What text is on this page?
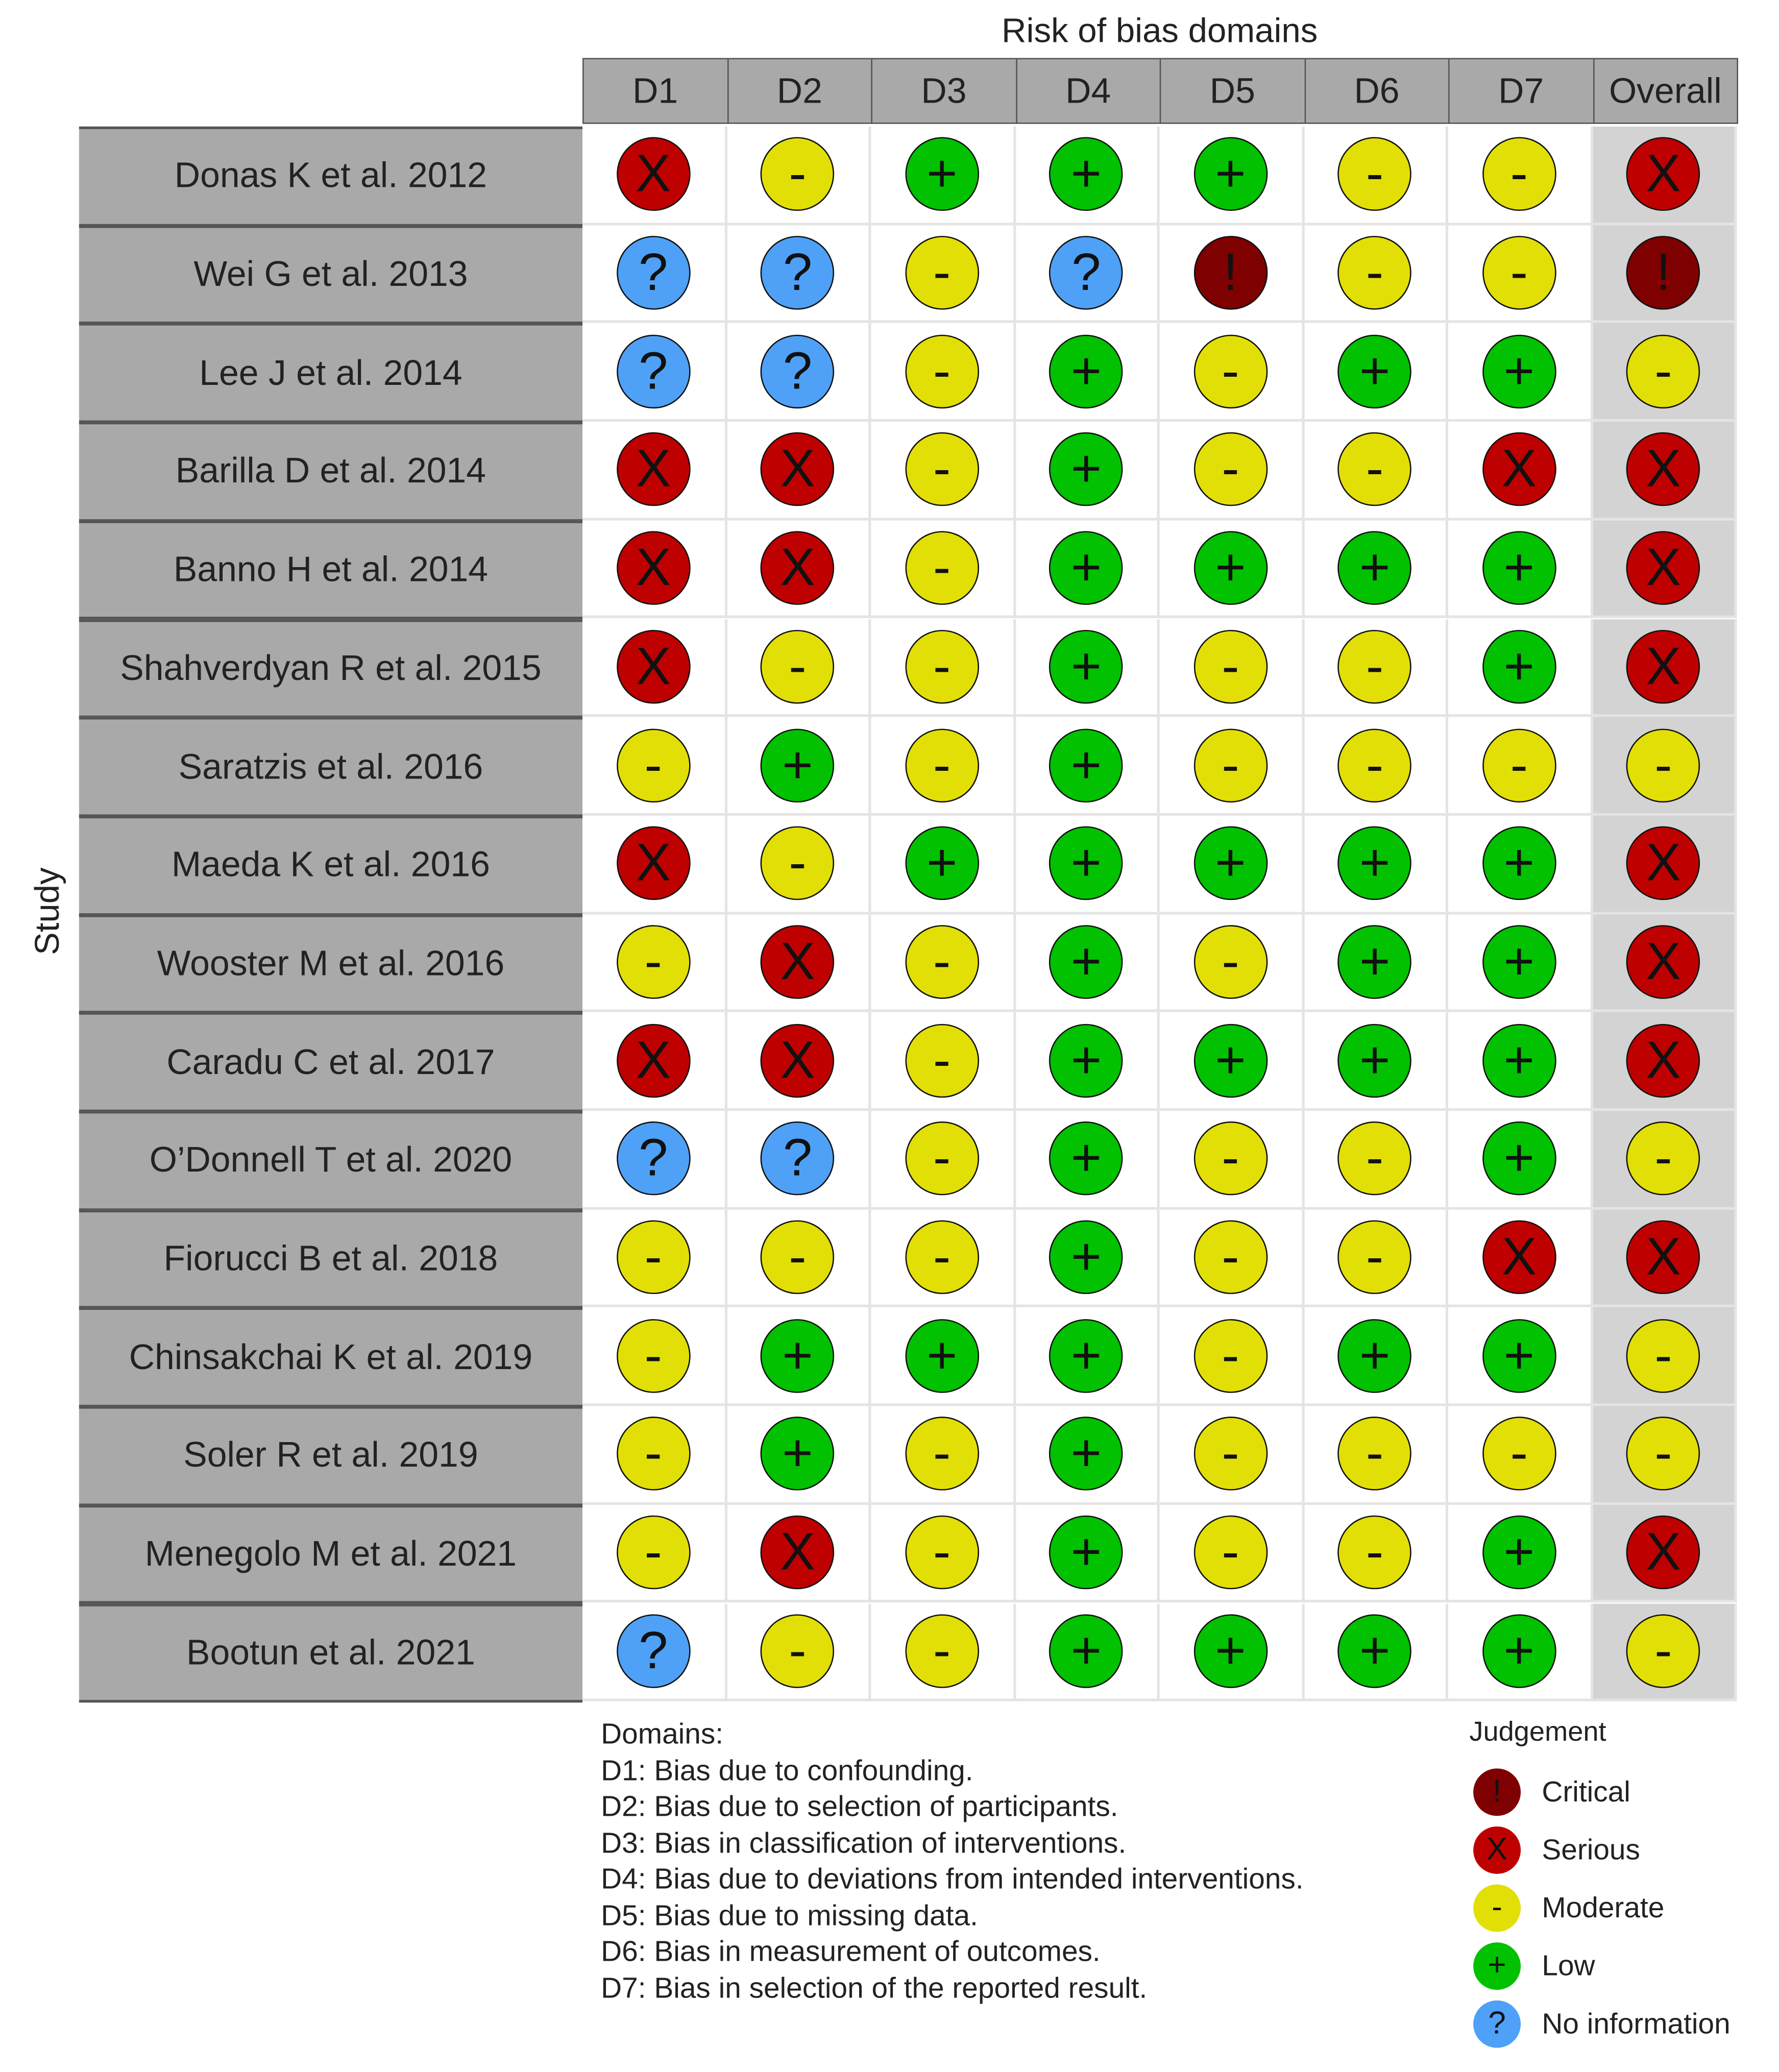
Risk of bias domains
Study
D1	D2	D3	D4	D5	D6	D7	Overall
Donas K et al. 2012	X	-	+	+	+	-	-	X
Wei G et al. 2013	?	?	-	?	!	-	-	!
Lee J et al. 2014	?	?	-	+	-	+	+	-
Barilla D et al. 2014	X	X	-	+	-	-	X	X
Banno H et al. 2014	X	X	-	+	+	+	+	X
Shahverdyan R et al. 2015	X	-	-	+	-	-	+	X
Saratzis et al. 2016	-	+	-	+	-	-	-	-
Maeda K et al. 2016	X	-	+	+	+	+	+	X
Wooster M et al. 2016	-	X	-	+	-	+	+	X
Caradu C et al. 2017	X	X	-	+	+	+	+	X
O’Donnell T et al. 2020	?	?	-	+	-	-	+	-
Fiorucci B et al. 2018	-	-	-	+	-	-	X	X
Chinsakchai K et al. 2019	-	+	+	+	-	+	+	-
Soler R et al. 2019	-	+	-	+	-	-	-	-
Menegolo M et al. 2021	-	X	-	+	-	-	+	X
Bootun et al. 2021	?	-	-	+	+	+	+	-
Domains:
D1: Bias due to confounding.
D2: Bias due to selection of participants.
D3: Bias in classification of interventions.
D4: Bias due to deviations from intended interventions.
D5: Bias due to missing data.
D6: Bias in measurement of outcomes.
D7: Bias in selection of the reported result.
Judgement
!	Critical
X	Serious
-	Moderate
+	Low
?	No information
